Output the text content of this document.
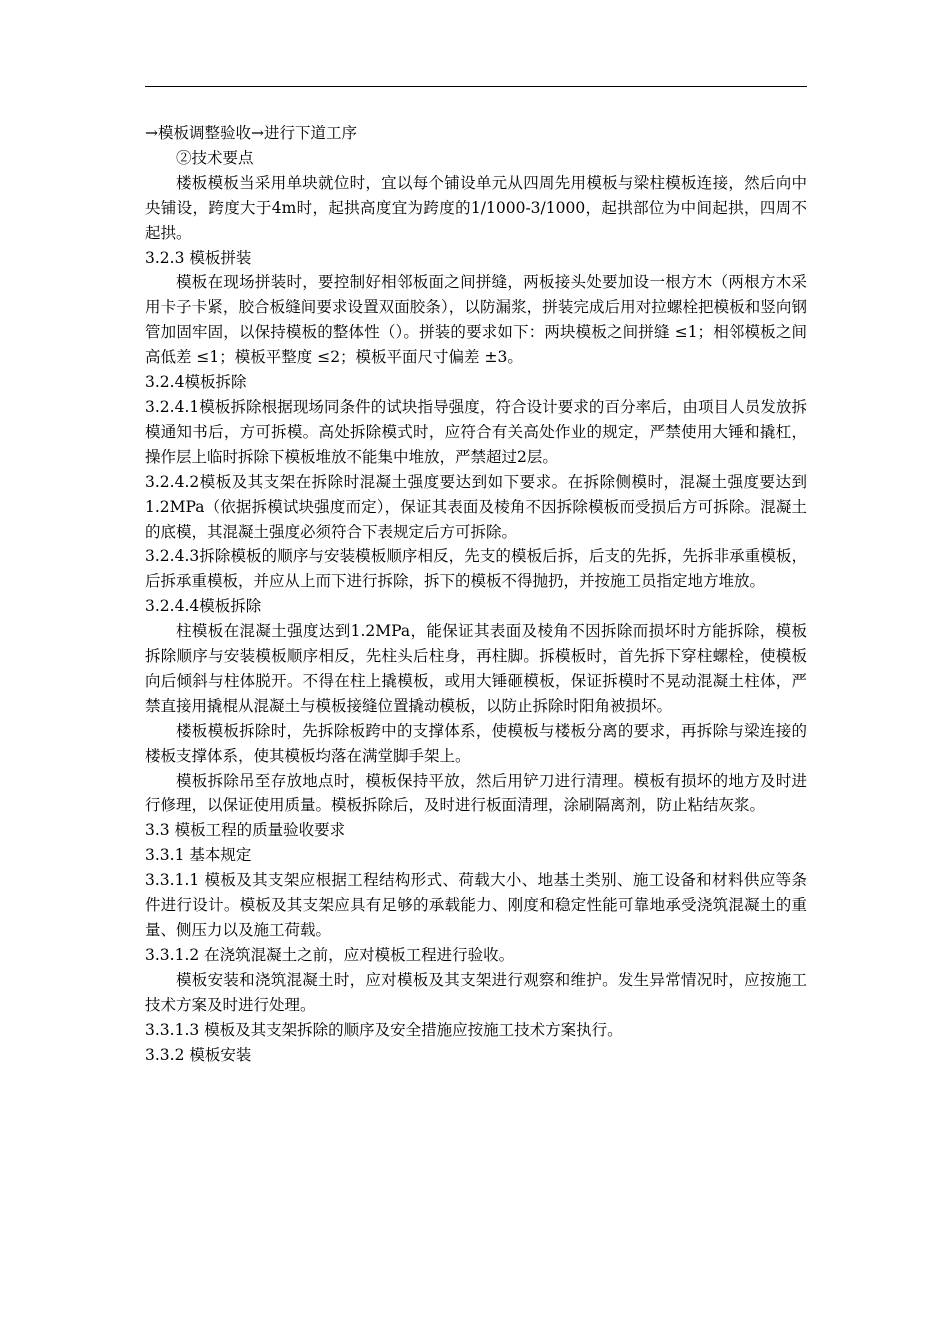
→模板调整验收→进行下道工序

②技术要点

楼板模板当采用单块就位时，宜以每个铺设单元从四周先用模板与梁柱模板连接，然后向中央铺设，跨度大于4m时，起拱高度宜为跨度的1/1000-3/1000，起拱部位为中间起拱，四周不起拱。

3.2.3 模板拼装

模板在现场拼装时，要控制好相邻板面之间拼缝，两板接头处要加设一根方木（两根方木采用卡子卡紧，胶合板缝间要求设置双面胶条），以防漏浆，拼装完成后用对拉螺栓把模板和竖向钢管加固牢固，以保持模板的整体性（）。拼装的要求如下：两块模板之间拼缝 ≤1；相邻模板之间高低差 ≤1；模板平整度 ≤2；模板平面尺寸偏差 ±3。

3.2.4模板拆除

3.2.4.1模板拆除根据现场同条件的试块指导强度，符合设计要求的百分率后，由项目人员发放拆模通知书后，方可拆模。高处拆除模式时，应符合有关高处作业的规定，严禁使用大锤和撬杠，操作层上临时拆除下模板堆放不能集中堆放，严禁超过2层。

3.2.4.2模板及其支架在拆除时混凝土强度要达到如下要求。在拆除侧模时，混凝土强度要达到1.2MPa（依据拆模试块强度而定），保证其表面及棱角不因拆除模板而受损后方可拆除。混凝土的底模，其混凝土强度必须符合下表规定后方可拆除。

3.2.4.3拆除模板的顺序与安装模板顺序相反，先支的模板后拆，后支的先拆，先拆非承重模板，后拆承重模板，并应从上而下进行拆除，拆下的模板不得抛扔，并按施工员指定地方堆放。

3.2.4.4模板拆除

柱模板在混凝土强度达到1.2MPa，能保证其表面及棱角不因拆除而损坏时方能拆除，模板拆除顺序与安装模板顺序相反，先柱头后柱身，再柱脚。拆模板时，首先拆下穿柱螺栓，使模板向后倾斜与柱体脱开。不得在柱上撬模板，或用大锤砸模板，保证拆模时不晃动混凝土柱体，严禁直接用撬棍从混凝土与模板接缝位置撬动模板，以防止拆除时阳角被损坏。

楼板模板拆除时，先拆除板跨中的支撑体系，使模板与楼板分离的要求，再拆除与梁连接的楼板支撑体系，使其模板均落在满堂脚手架上。

模板拆除吊至存放地点时，模板保持平放，然后用铲刀进行清理。模板有损坏的地方及时进行修理，以保证使用质量。模板拆除后，及时进行板面清理，涂刷隔离剂，防止粘结灰浆。

3.3 模板工程的质量验收要求

3.3.1 基本规定

3.3.1.1 模板及其支架应根据工程结构形式、荷载大小、地基土类别、施工设备和材料供应等条件进行设计。模板及其支架应具有足够的承载能力、刚度和稳定性能可靠地承受浇筑混凝土的重量、侧压力以及施工荷载。

3.3.1.2 在浇筑混凝土之前，应对模板工程进行验收。

模板安装和浇筑混凝土时，应对模板及其支架进行观察和维护。发生异常情况时，应按施工技术方案及时进行处理。

3.3.1.3 模板及其支架拆除的顺序及安全措施应按施工技术方案执行。

3.3.2 模板安装
